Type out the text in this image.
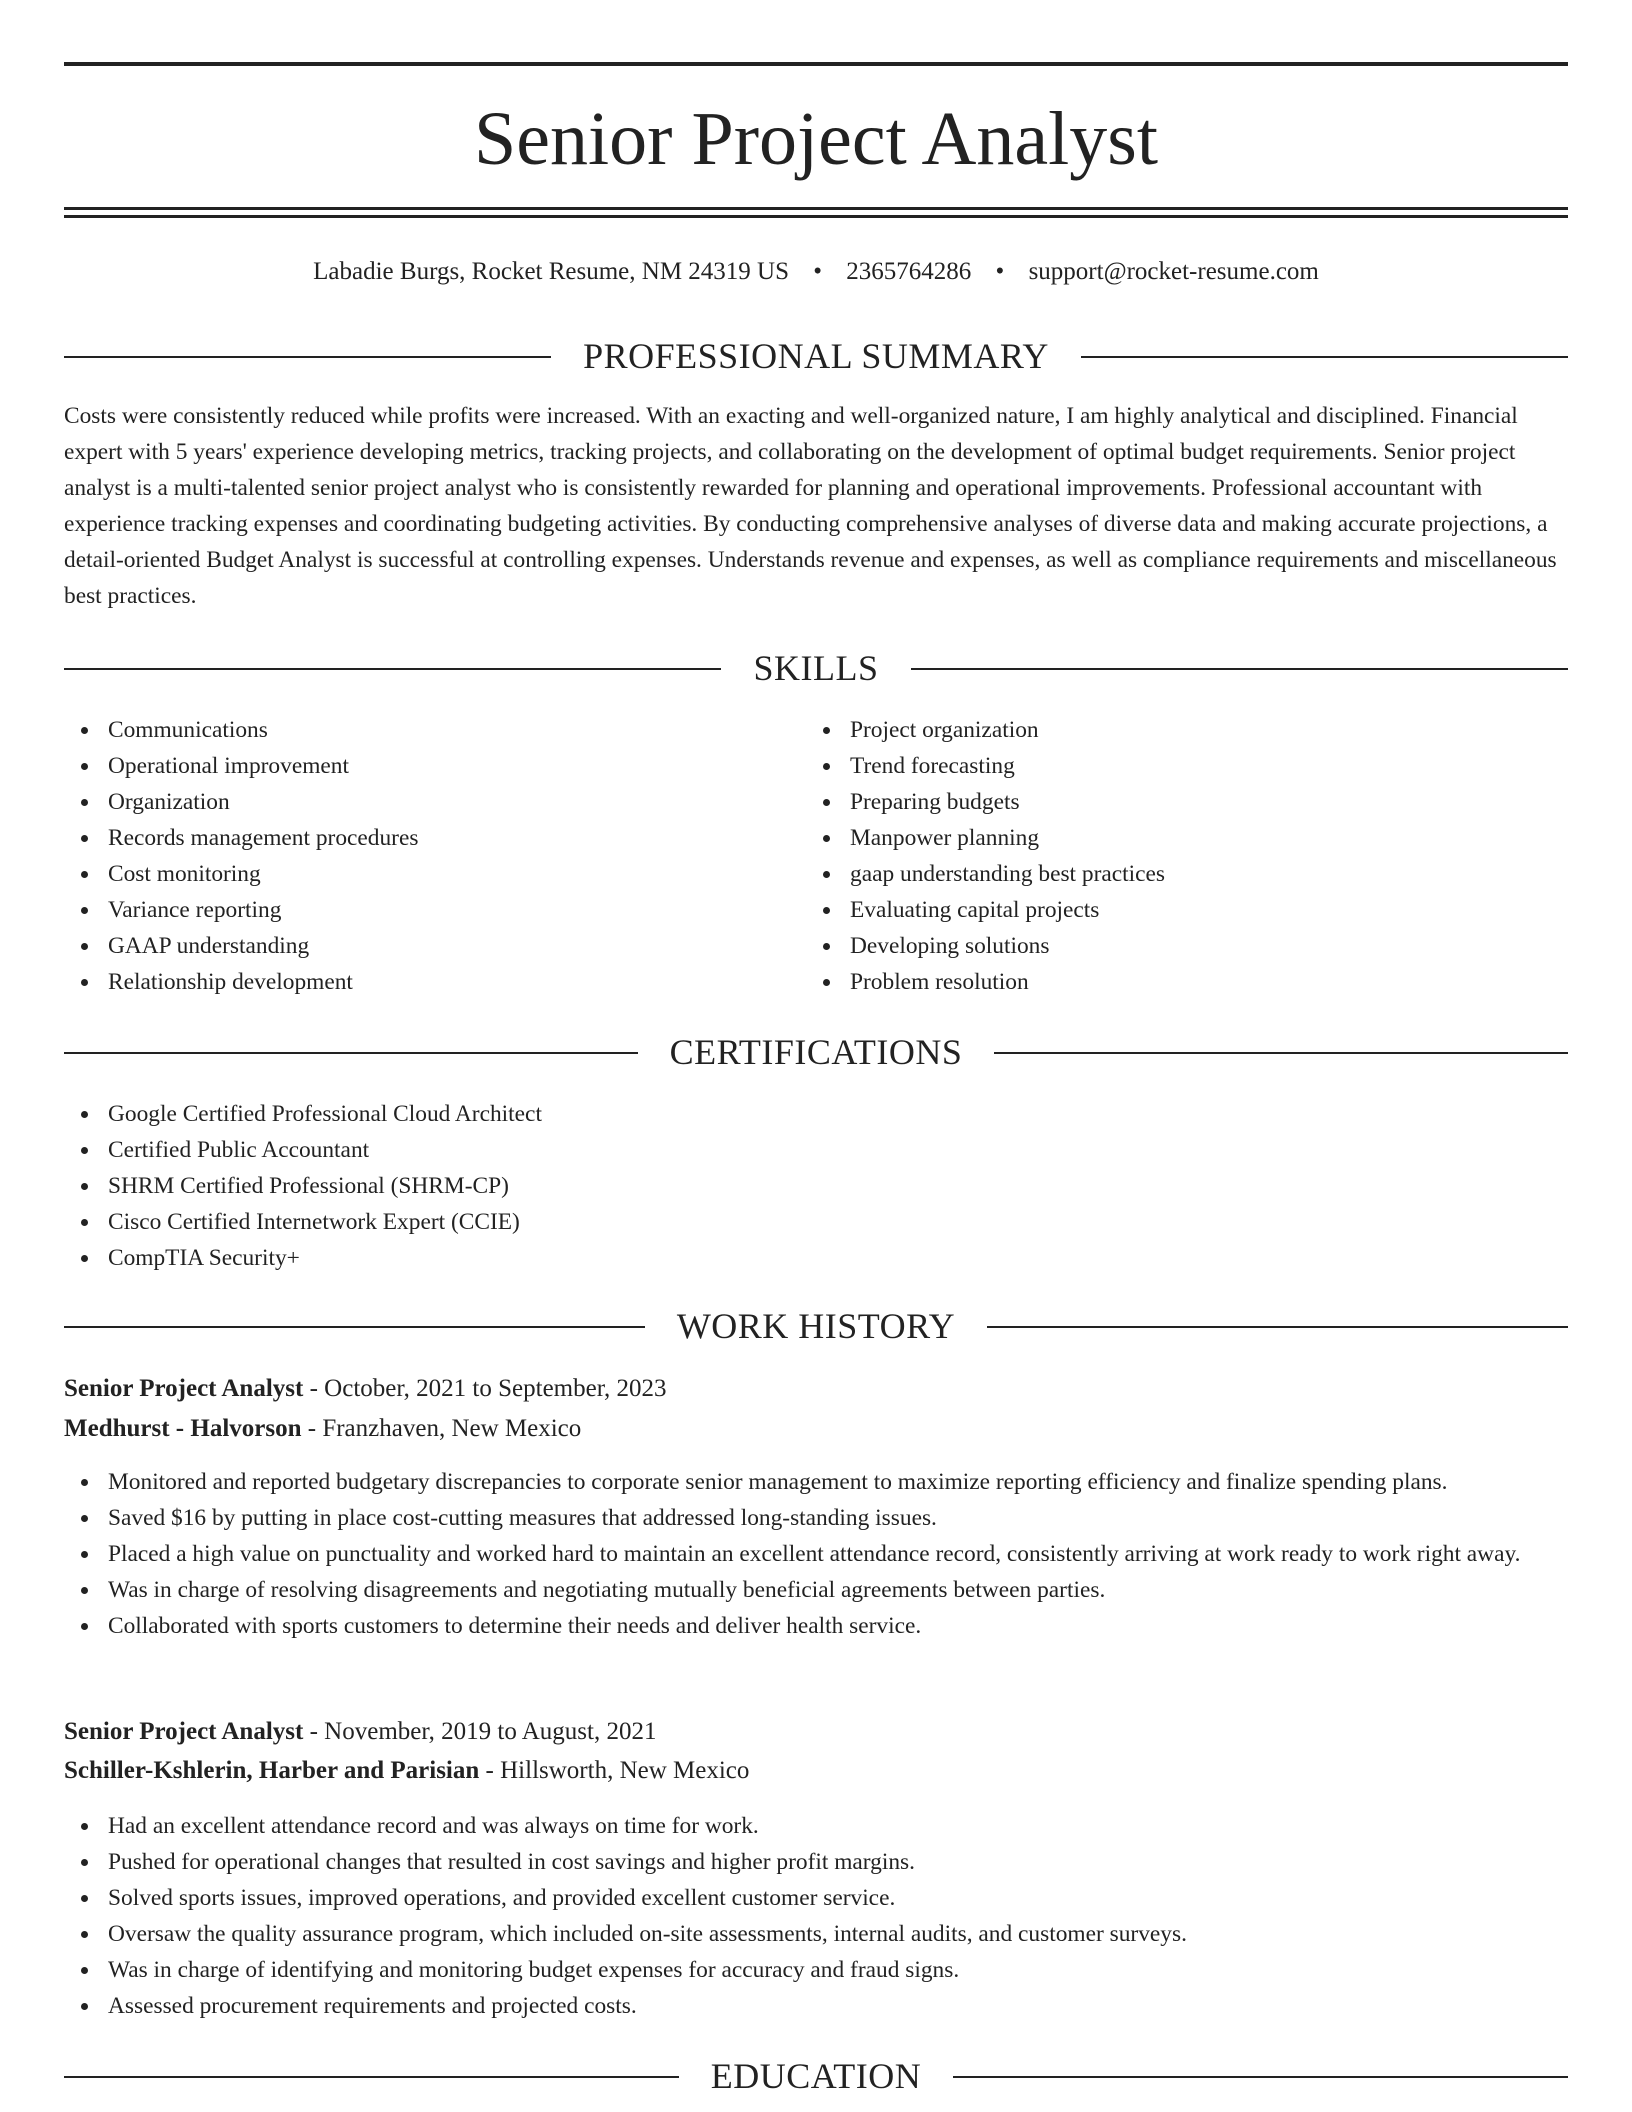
Senior Project Analyst
Labadie Burgs, Rocket Resume, NM 24319 US • 2365764286 • support@rocket-resume.com
PROFESSIONAL SUMMARY

Costs were consistently reduced while profits were increased. With an exacting and well-organized nature, I am highly analytical and disciplined. Financial expert with 5 years' experience developing metrics, tracking projects, and collaborating on the development of optimal budget requirements. Senior project analyst is a multi-talented senior project analyst who is consistently rewarded for planning and operational improvements. Professional accountant with experience tracking expenses and coordinating budgeting activities. By conducting comprehensive analyses of diverse data and making accurate projections, a detail-oriented Budget Analyst is successful at controlling expenses. Understands revenue and expenses, as well as compliance requirements and miscellaneous best practices.

SKILLS
Communications
Operational improvement
Organization
Records management procedures
Cost monitoring
Variance reporting
GAAP understanding
Relationship development
Project organization
Trend forecasting
Preparing budgets
Manpower planning
gaap understanding best practices
Evaluating capital projects
Developing solutions
Problem resolution
CERTIFICATIONS
Google Certified Professional Cloud Architect
Certified Public Accountant
SHRM Certified Professional (SHRM-CP)
Cisco Certified Internetwork Expert (CCIE)
CompTIA Security+
WORK HISTORY
Senior Project Analyst - October, 2021 to September, 2023
Medhurst - Halvorson - Franzhaven, New Mexico
Monitored and reported budgetary discrepancies to corporate senior management to maximize reporting efficiency and finalize spending plans.
Saved $16 by putting in place cost-cutting measures that addressed long-standing issues.
Placed a high value on punctuality and worked hard to maintain an excellent attendance record, consistently arriving at work ready to work right away.
Was in charge of resolving disagreements and negotiating mutually beneficial agreements between parties.
Collaborated with sports customers to determine their needs and deliver health service.
Senior Project Analyst - November, 2019 to August, 2021
Schiller-Kshlerin, Harber and Parisian - Hillsworth, New Mexico
Had an excellent attendance record and was always on time for work.
Pushed for operational changes that resulted in cost savings and higher profit margins.
Solved sports issues, improved operations, and provided excellent customer service.
Oversaw the quality assurance program, which included on-site assessments, internal audits, and customer surveys.
Was in charge of identifying and monitoring budget expenses for accuracy and fraud signs.
Assessed procurement requirements and projected costs.
EDUCATION
